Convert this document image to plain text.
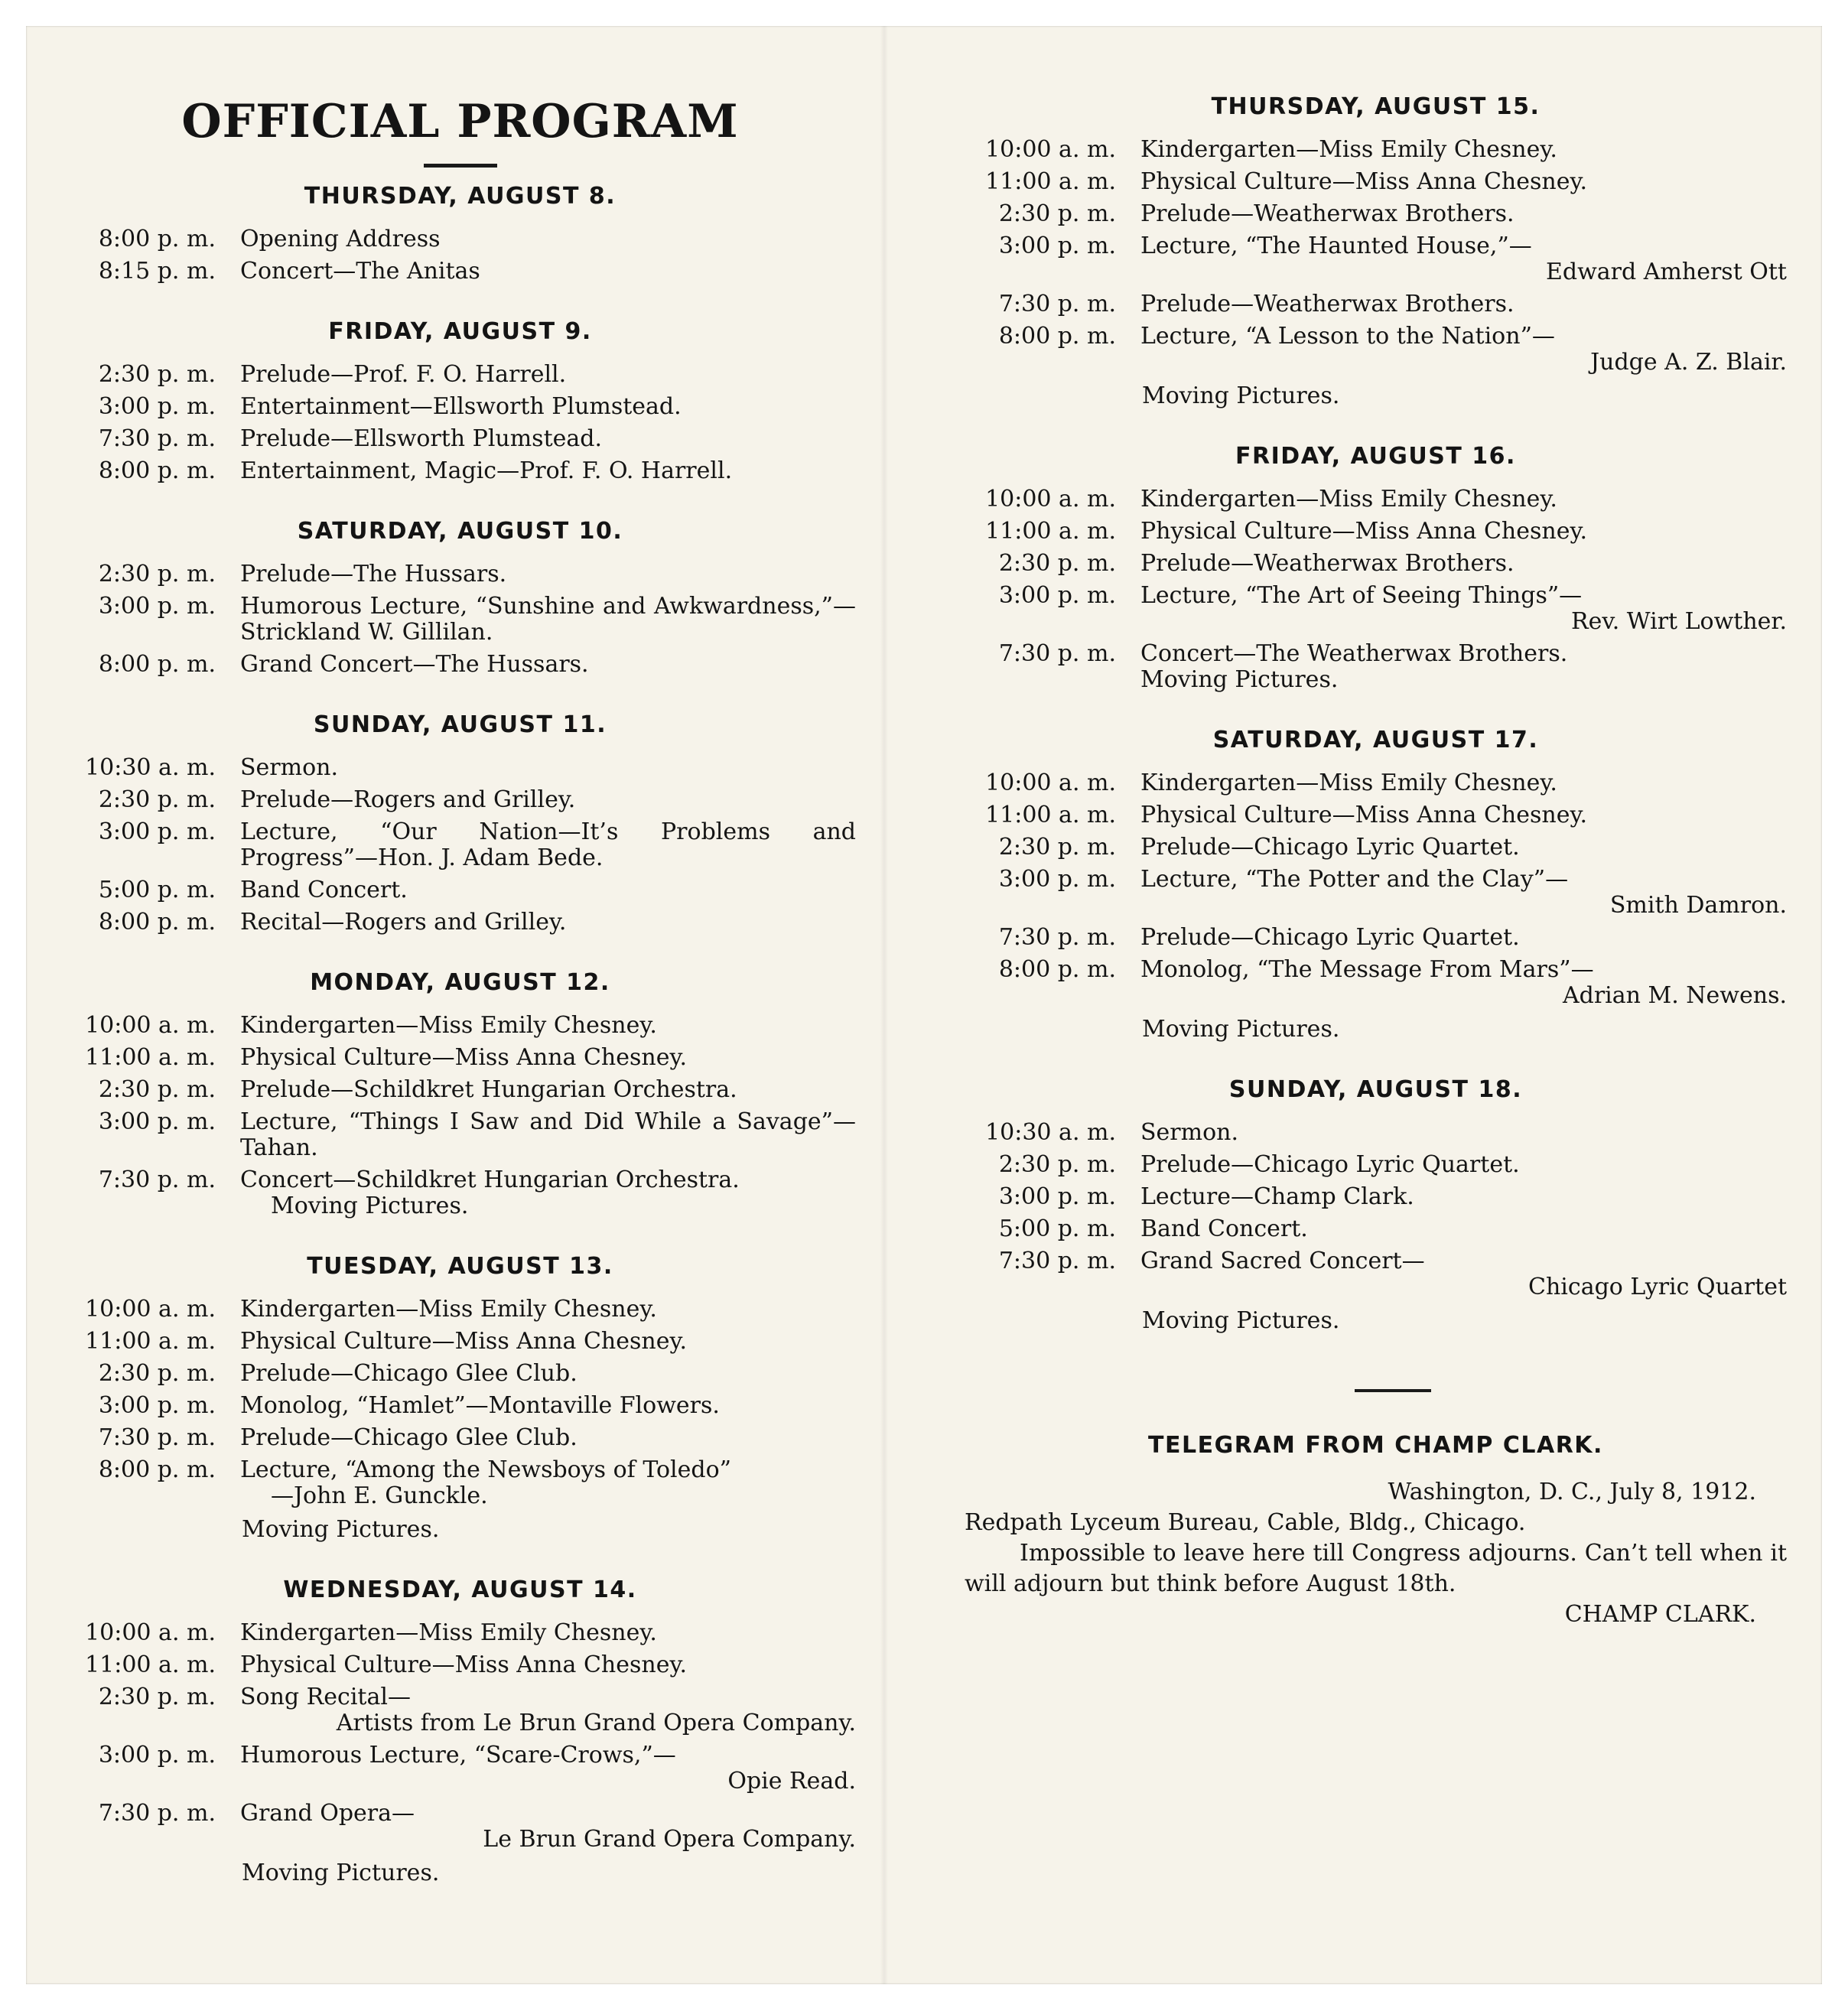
OFFICIAL PROGRAM
THURSDAY, AUGUST 8.
8:00 p. m.	Opening Address
8:15 p. m.	Concert—The Anitas
FRIDAY, AUGUST 9.
2:30 p. m.	Prelude—Prof. F. O. Harrell.
3:00 p. m.	Entertainment—Ellsworth Plumstead.
7:30 p. m.	Prelude—Ellsworth Plumstead.
8:00 p. m.	Entertainment, Magic—Prof. F. O. Harrell.
SATURDAY, AUGUST 10.
2:30 p. m.	Prelude—The Hussars.
3:00 p. m.	Humorous Lecture, “Sunshine and Awkwardness,”—Strickland W. Gillilan.
8:00 p. m.	Grand Concert—The Hussars.
SUNDAY, AUGUST 11.
10:30 a. m.	Sermon.
2:30 p. m.	Prelude—Rogers and Grilley.
3:00 p. m.	Lecture, “Our Nation—It’s Problems and Progress”—Hon. J. Adam Bede.
5:00 p. m.	Band Concert.
8:00 p. m.	Recital—Rogers and Grilley.
MONDAY, AUGUST 12.
10:00 a. m.	Kindergarten—Miss Emily Chesney.
11:00 a. m.	Physical Culture—Miss Anna Chesney.
2:30 p. m.	Prelude—Schildkret Hungarian Orchestra.
3:00 p. m.	Lecture, “Things I Saw and Did While a Savage”—Tahan.
7:30 p. m.	Concert—Schildkret Hungarian Orchestra.
Moving Pictures.
TUESDAY, AUGUST 13.
10:00 a. m.	Kindergarten—Miss Emily Chesney.
11:00 a. m.	Physical Culture—Miss Anna Chesney.
2:30 p. m.	Prelude—Chicago Glee Club.
3:00 p. m.	Monolog, “Hamlet”—Montaville Flowers.
7:30 p. m.	Prelude—Chicago Glee Club.
8:00 p. m.	Lecture, “Among the Newsboys of Toledo”
—John E. Gunckle.
Moving Pictures.
WEDNESDAY, AUGUST 14.
10:00 a. m.	Kindergarten—Miss Emily Chesney.
11:00 a. m.	Physical Culture—Miss Anna Chesney.
2:30 p. m.	Song Recital—
Artists from Le Brun Grand Opera Company.
3:00 p. m.	Humorous Lecture, “Scare-Crows,”—
Opie Read.
7:30 p. m.	Grand Opera—
Le Brun Grand Opera Company.
Moving Pictures.
THURSDAY, AUGUST 15.
10:00 a. m.	Kindergarten—Miss Emily Chesney.
11:00 a. m.	Physical Culture—Miss Anna Chesney.
2:30 p. m.	Prelude—Weatherwax Brothers.
3:00 p. m.	Lecture, “The Haunted House,”—
Edward Amherst Ott
7:30 p. m.	Prelude—Weatherwax Brothers.
8:00 p. m.	Lecture, “A Lesson to the Nation”—
Judge A. Z. Blair.
Moving Pictures.
FRIDAY, AUGUST 16.
10:00 a. m.	Kindergarten—Miss Emily Chesney.
11:00 a. m.	Physical Culture—Miss Anna Chesney.
2:30 p. m.	Prelude—Weatherwax Brothers.
3:00 p. m.	Lecture, “The Art of Seeing Things”—
Rev. Wirt Lowther.
7:30 p. m.	Concert—The Weatherwax Brothers.
Moving Pictures.
SATURDAY, AUGUST 17.
10:00 a. m.	Kindergarten—Miss Emily Chesney.
11:00 a. m.	Physical Culture—Miss Anna Chesney.
2:30 p. m.	Prelude—Chicago Lyric Quartet.
3:00 p. m.	Lecture, “The Potter and the Clay”—
Smith Damron.
7:30 p. m.	Prelude—Chicago Lyric Quartet.
8:00 p. m.	Monolog, “The Message From Mars”—
Adrian M. Newens.
Moving Pictures.
SUNDAY, AUGUST 18.
10:30 a. m.	Sermon.
2:30 p. m.	Prelude—Chicago Lyric Quartet.
3:00 p. m.	Lecture—Champ Clark.
5:00 p. m.	Band Concert.
7:30 p. m.	Grand Sacred Concert—
Chicago Lyric Quartet
Moving Pictures.
TELEGRAM FROM CHAMP CLARK.

Washington, D. C., July 8, 1912.

Redpath Lyceum Bureau, Cable, Bldg., Chicago.

Impossible to leave here till Congress adjourns. Can’t tell when it will adjourn but think before August 18th.

CHAMP CLARK.
